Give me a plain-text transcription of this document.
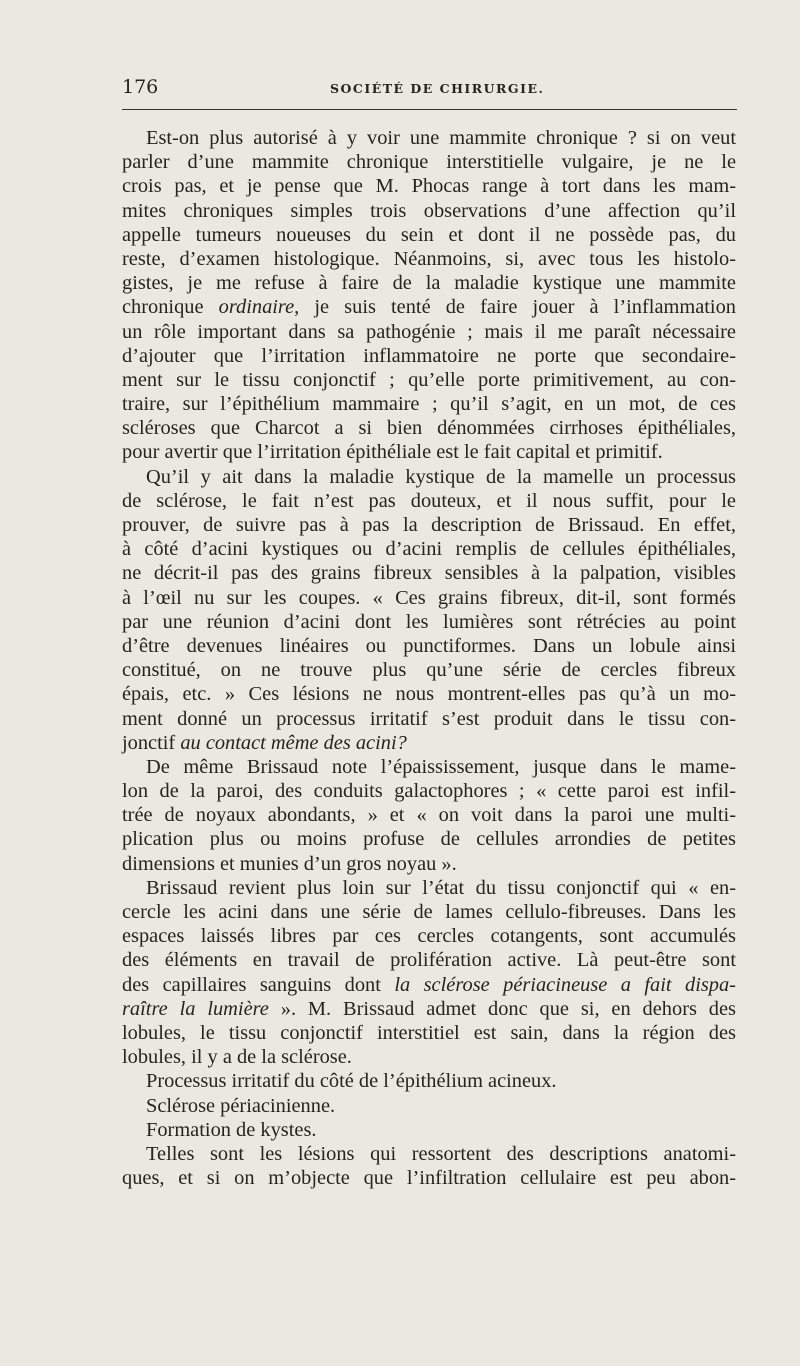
176	SOCIÉTÉ DE CHIRURGIE.
Est-on plus autorisé à y voir une mammite chronique ? si on veut
parler d’une mammite chronique interstitielle vulgaire, je ne le
crois pas, et je pense que M. Phocas range à tort dans les mam-
mites chroniques simples trois observations d’une affection qu’il
appelle tumeurs noueuses du sein et dont il ne possède pas, du
reste, d’examen histologique. Néanmoins, si, avec tous les histolo-
gistes, je me refuse à faire de la maladie kystique une mammite
chronique ordinaire, je suis tenté de faire jouer à l’inflammation
un rôle important dans sa pathogénie ; mais il me paraît nécessaire
d’ajouter que l’irritation inflammatoire ne porte que secondaire-
ment sur le tissu conjonctif ; qu’elle porte primitivement, au con-
traire, sur l’épithélium mammaire ; qu’il s’agit, en un mot, de ces
scléroses que Charcot a si bien dénommées cirrhoses épithéliales,
pour avertir que l’irritation épithéliale est le fait capital et primitif.
Qu’il y ait dans la maladie kystique de la mamelle un processus
de sclérose, le fait n’est pas douteux, et il nous suffit, pour le
prouver, de suivre pas à pas la description de Brissaud. En effet,
à côté d’acini kystiques ou d’acini remplis de cellules épithéliales,
ne décrit-il pas des grains fibreux sensibles à la palpation, visibles
à l’œil nu sur les coupes. « Ces grains fibreux, dit-il, sont formés
par une réunion d’acini dont les lumières sont rétrécies au point
d’être devenues linéaires ou punctiformes. Dans un lobule ainsi
constitué, on ne trouve plus qu’une série de cercles fibreux
épais, etc. » Ces lésions ne nous montrent-elles pas qu’à un mo-
ment donné un processus irritatif s’est produit dans le tissu con-
jonctif au contact même des acini?
De même Brissaud note l’épaississement, jusque dans le mame-
lon de la paroi, des conduits galactophores ; « cette paroi est infil-
trée de noyaux abondants, » et « on voit dans la paroi une multi-
plication plus ou moins profuse de cellules arrondies de petites
dimensions et munies d’un gros noyau ».
Brissaud revient plus loin sur l’état du tissu conjonctif qui « en-
cercle les acini dans une série de lames cellulo-fibreuses. Dans les
espaces laissés libres par ces cercles cotangents, sont accumulés
des éléments en travail de prolifération active. Là peut-être sont
des capillaires sanguins dont la sclérose périacineuse a fait dispa-
raître la lumière ». M. Brissaud admet donc que si, en dehors des
lobules, le tissu conjonctif interstitiel est sain, dans la région des
lobules, il y a de la sclérose.
Processus irritatif du côté de l’épithélium acineux.
Sclérose périacinienne.
Formation de kystes.
Telles sont les lésions qui ressortent des descriptions anatomi-
ques, et si on m’objecte que l’infiltration cellulaire est peu abon-
